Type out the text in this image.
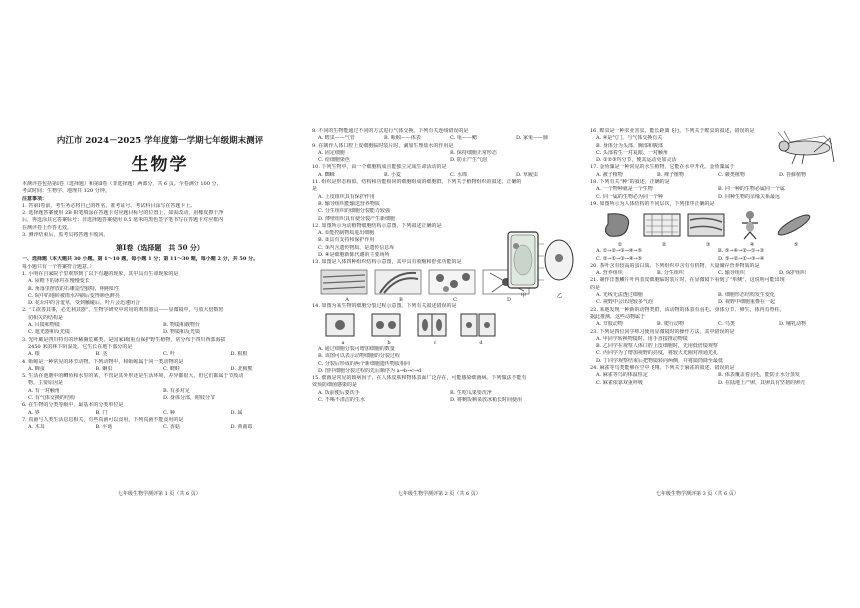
内江市 2024－2025 学年度第一学期七年级期末测评
生物学
本测评卷包括第Ⅰ卷（选择题）和第Ⅱ卷（非选择题）两部分，共 6 页。全卷满分 100 分，
考试时间：生物学、地理共 120 分钟。
注意事项：
1. 答第Ⅰ卷前，考生务必将自己的姓名、准考证号、考试科目涂写在答题卡上。
2. 选择题答案使用 2B 铅笔填涂在答题卡对应题目标号的位置上，如需改动，用橡皮擦干净
后，再选涂其它答案标号；非选择题答案使用 0.5 毫米的黑色签字笔书写在答题卡对应框内
在测评卷上作答无效。
3. 测评结束后，监考员将答题卡收回。
第Ⅰ卷（选择题　共 50 分）
一、选择题（本大题共 30 小题。第 1～10 题，每小题 1 分；第 11～30 题，每小题 2 分，共 50 分。
每小题只有一个答案符合题意。）
1. 小明在自家院子里观察到了以下有趣的现象，其中具有生命现象的是
A. 屋檐下的冰柱在慢慢变长
B. 角落里摆放的石雕造型独特，栩栩如生
C. 院中的地砖被雨水冲刷后变得颜色鲜亮
D. 花坛中的含羞草，受到触碰后，叶片会迅速闭合
2. “工欲善其事，必先利其器”。生物学研究中常用的观察器具——显微镜中，与放大倍数密
切相关的结构是
A. 目镜和物镜	B. 物镜和载物台
C. 遮光器和反光镜	D. 物镜和反光镜
3. 光叶蕨是四川特有的珍稀濒危蕨类，是国家Ⅰ级重点保护野生植物，常分布于四川西部海拔
2450 米的林下阴湿处。它生长在地下部分的是
A. 根	B. 茎	C. 叶	D. 根根
4. 蚯蚓是一种常见的环节动物。下列动物中，和蚯蚓属于同一类动物的是
A. 蝉蚕	B. 蛔虫	C. 蛲蛙	D. 北极熊
5. 生活在池塘中的鲫鱼和水里的某，不管是其外形还是生活环境，差异都很大，但它们都属于节肢动
物。主要原因是
A. 有一对触角	B. 有多对足
C. 有气体交换的结构	D. 身体分部，附肢分节
6. 在生物的分类等级中，最基本的分类单位是
A. 界	B. 门	C. 种	D. 属
7. 真菌与人类生活息息相关，有些真菌可以食用。下列真菌不能食用的是
A. 木耳	B. 平菇	C. 香菇	D. 黄曲霉
七年级生物学测评第 1 页（共 6 页）
8. 不同的生物能通过不同的方式进行气体交换。下列有关连线错误的是
A. 蝗虫——气管	B. 蚯蚓——体表	C. 龟——鳃	D. 家兔——肺
9. 在制作人体口腔上皮细胞临时装片时，滴加生理盐水的作用是
A. 固定细胞	B. 保持细胞正常形态
C. 给细胞染色	D. 防止产生气泡
10. 下列生物中，由一个细胞构成且能独立完成生命活动的是
A. 蜘蛛	B. 小麦	C. 水绵	D. 草履虫
11. 组织是形态相似、结构和功能相同的细胞组成的细胞群。下列关于植物组织的叙述，正确的
是
A. 上皮组织具有保护作用
B. 输导组织能输送营养物质
C. 分生组织的细胞分裂能力较强
D. 薄壁组织具有使分裂产生新细胞
12. 如图所示为动植物细胞结构示意图，下列叙述正确的是
A. ①能控制物质进出细胞
B. ②具有支持和保护作用
C. ③内含遗传物质，是遗传信息库
D. ④是细胞新陈代谢的主要场所
甲	乙
13. 如图是人体四种组织结构示意图，其中具有收缩和舒张功能的是
A	B	C	D
14. 如图为某生物的细胞分裂过程示意图。下列有关叙述错误的是
a	b	c	d
A. 通过细胞分裂可增加细胞的数量
B. 该图可以表示动物细胞的分裂过程
C. 分裂后形成的两个新细胞遗传物质相同
D. 图中细胞分裂过程的先后顺序为 a→b→c→d
15. 细菌是常见的致病因子，在人体皮肤和物体表面广泛存在，可能感染细菌病。下列做法不能有
效预防细菌感染的是
A. 饭前便后要洗手	B. 生吃瓜果要洗净
C. 不喝不清洁的生水	D. 将剩饭剩菜放冰箱长时间使用
七年级生物学测评第 2 页（共 6 页）
16. 蝗虫是一种农业害虫，能长距离飞行。下列关于蝗虫的叙述，错误的是
A. ④是气门，与气体交换有关
B. 身体分为头部、胸部和腹部
C. 头部着生一对复眼、一对触角
D. ①②③均分节，便其运动更加灵活
17. 金鱼藻是一种常见的水生植物，它能在水中开花。金鱼藻属于
A. 被子植物	B. 裸子植物	C. 蕨类植物	D. 苔藓植物
18. 下列有关“种”的叙述，正确的是
A. 一个物种就是一个生物	B. 同一种的生物必属同一个属
C. 同一属的生物必为同一个种	D. 同种生物的亲缘关系最远
19. 如图所示为人体结构的不同层次，下列排序正确的是
①	②	③	④	⑤
A. ①→②→③→④→⑤	B. ⑤→④→②→①→③
C. ②→①→③→④→⑤	D. ⑤→②→①→③→④
20. 茶叶含有较高的蛋白质。下列组织中含有有机物，大量储存营养物质的是
A. 营养组织	B. 分生组织	C. 输导组织	D. 保护组织
21. 制作洋葱鳞片叶内表皮细胞临时装片时，在显微镜下看到了“单侧”，这说明可能出现
的是
A. 光线无法透过细胞	B. 细胞形态结构发生变化
C. 视野中会出现较多气泡	D. 视野中细胞重叠在一起
22. 某地发现一种新的动物类群，该动物的体表有羽毛、身体分节、卵生、体内有脊柱。
据此推测，这些动物属于
A. 节肢动物	B. 爬行动物	C. 鸟类	D. 哺乳动物
23. 下列是四位同学练习使用显微镜时的操作方法，其中错误的是
A. 甲同学转换物镜时，用手直接推动物镜
B. 乙同学在观察人体口腔上皮细胞时，先用低倍镜观察
C. 丙同学为了增加视野的亮度，将较大光圈对准通光孔
D. 丁同学观察结束后把物镜转向两侧，并将镜筒降至最低
24. 麻雀等鸟类能够在空中飞翔。下列关于麻雀的叙述，错误的是
A. 麻雀等鸟的体温恒定	B. 体表覆盖着羽毛，能防止水分蒸发
C. 麻雀依靠双重呼吸	D. 在陆地上产卵，其卵具有坚韧的卵壳
七年级生物学测评第 3 页（共 6 页）
